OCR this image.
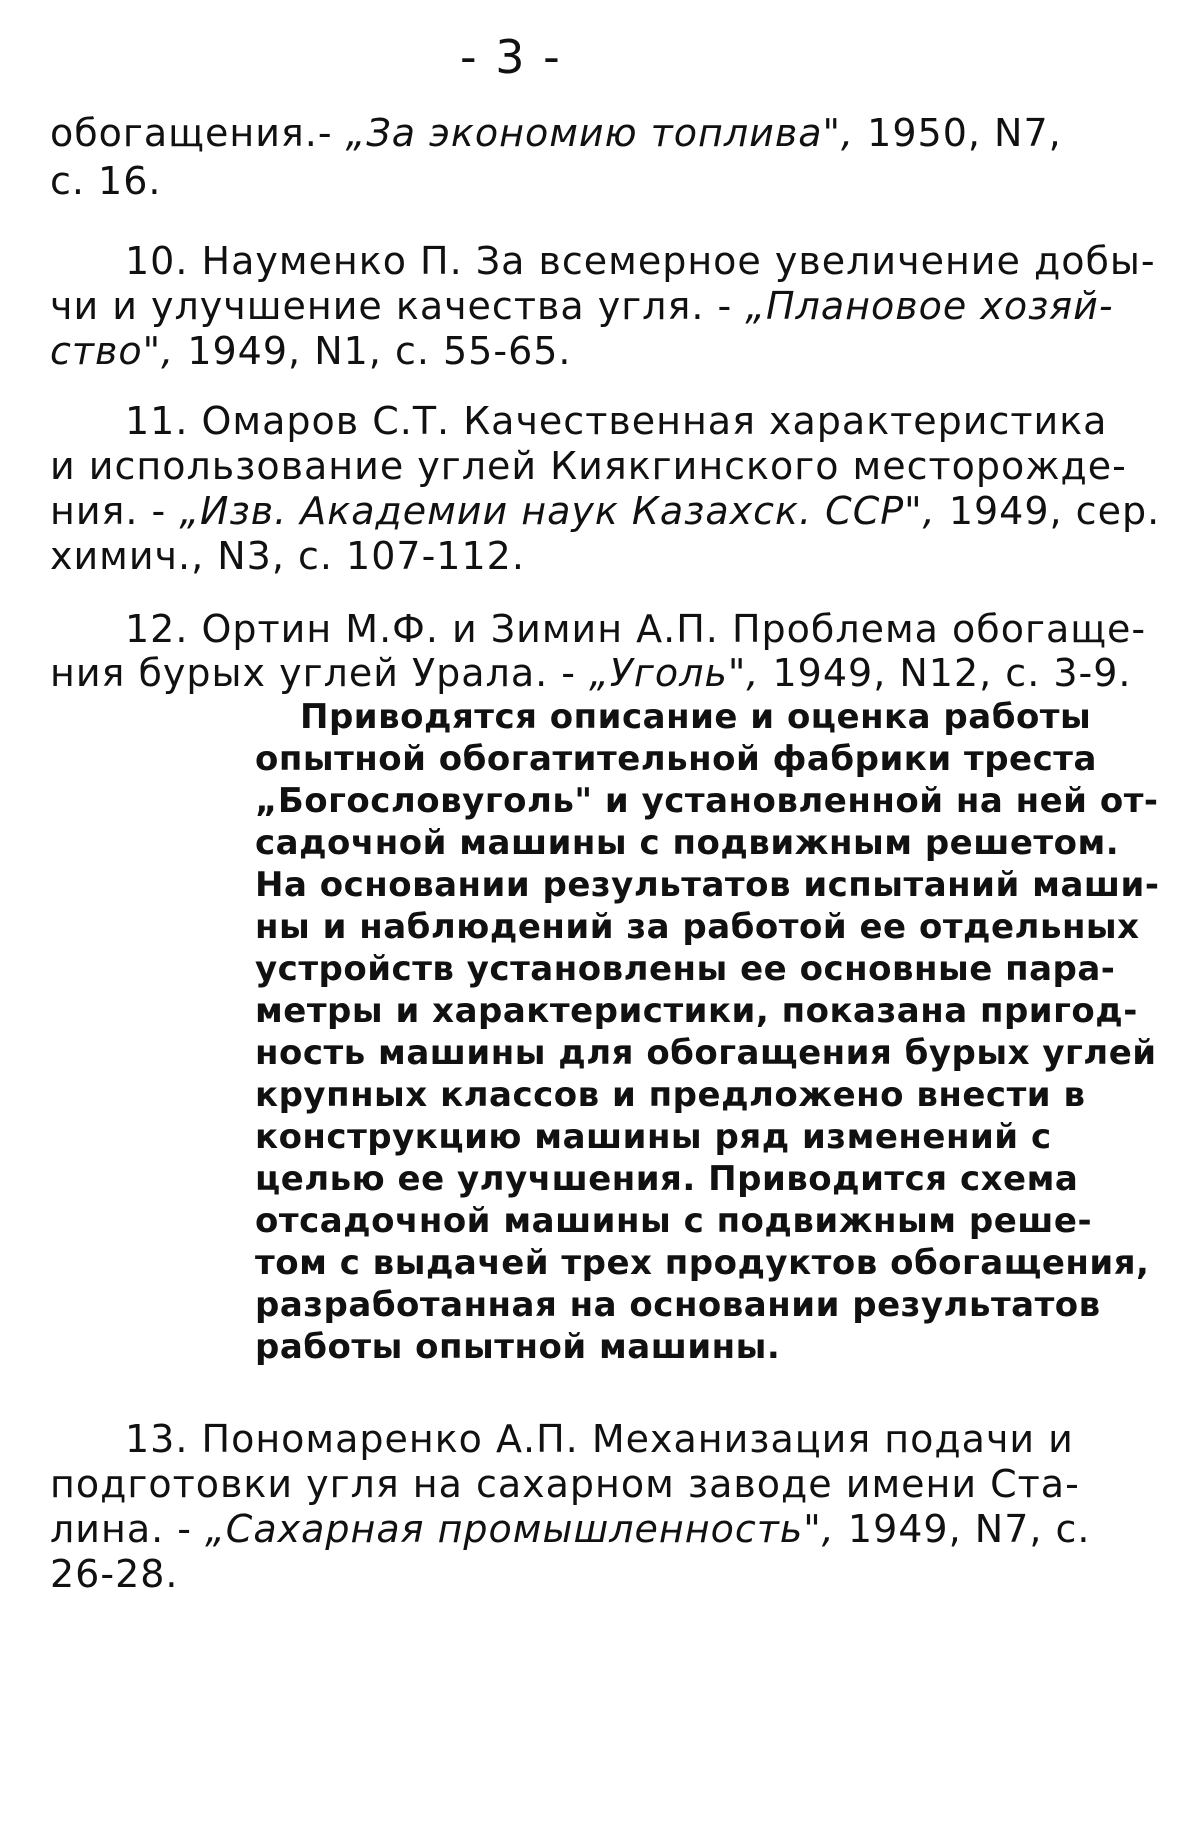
- 3 -
обогащения.- „За экономию топлива", 1950, N7,
с. 16.
10. Науменко П. За всемерное увеличение добы-
чи и улучшение качества угля. - „Плановое хозяй-
ство", 1949, N1, с. 55-65.
11. Омаров С.Т. Качественная характеристика
и использование углей Киякгинского месторожде-
ния. - „Изв. Академии наук Казахск. ССР", 1949, сер.
химич., N3, с. 107-112.
12. Ортин М.Ф. и Зимин А.П. Проблема обогаще-
ния бурых углей Урала. - „Уголь", 1949, N12, с. 3-9.
Приводятся описание и оценка работы
опытной обогатительной фабрики треста
„Богословуголь" и установленной на ней от-
садочной машины с подвижным решетом.
На основании результатов испытаний маши-
ны и наблюдений за работой ее отдельных
устройств установлены ее основные пара-
метры и характеристики, показана пригод-
ность машины для обогащения бурых углей
крупных классов и предложено внести в
конструкцию машины ряд изменений с
целью ее улучшения. Приводится схема
отсадочной машины с подвижным реше-
том с выдачей трех продуктов обогащения,
разработанная на основании результатов
работы опытной машины.
13. Пономаренко А.П. Механизация подачи и
подготовки угля на сахарном заводе имени Ста-
лина. - „Сахарная промышленность", 1949, N7, с.
26-28.
